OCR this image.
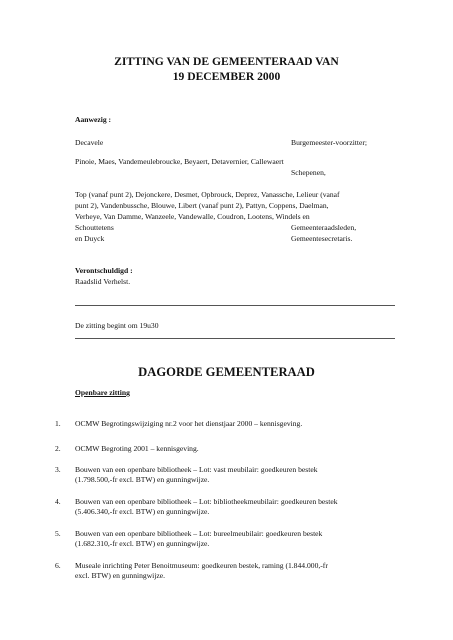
ZITTING VAN DE GEMEENTERAAD VAN
19 DECEMBER 2000
Aanwezig :
Decavele	Burgemeester-voorzitter;
Pinoie, Maes, Vandemeulebroucke, Beyaert, Detavernier, Callewaert
Schepenen,
Top (vanaf punt 2), Dejonckere, Desmet, Opbrouck, Deprez, Vanassche, Lelieur (vanaf
punt 2), Vandenbussche, Blouwe, Libert (vanaf punt 2), Pattyn, Coppens, Daelman,
Verheye, Van Damme, Wanzeele, Vandewalle, Coudron, Lootens, Windels en
Schouttetens	Gemeenteraadsleden,
en Duyck	Gemeentesecretaris.
Verontschuldigd :
Raadslid Verhelst.
De zitting begint om 19u30
DAGORDE GEMEENTERAAD
Openbare zitting
1. OCMW Begrotingswijziging nr.2 voor het dienstjaar 2000 – kennisgeving.
2. OCMW Begroting 2001 – kennisgeving.
3. Bouwen van een openbare bibliotheek – Lot: vast meubilair: goedkeuren bestek
(1.798.500,-fr excl. BTW) en gunningwijze.
4. Bouwen van een openbare bibliotheek – Lot: bibliotheekmeubilair: goedkeuren bestek
(5.406.340,-fr excl. BTW) en gunningwijze.
5. Bouwen van een openbare bibliotheek – Lot: bureelmeubilair: goedkeuren bestek
(1.682.310,-fr excl. BTW) en gunningwijze.
6. Museale inrichting Peter Benoitmuseum: goedkeuren bestek, raming (1.844.000,-fr
excl. BTW) en gunningwijze.
